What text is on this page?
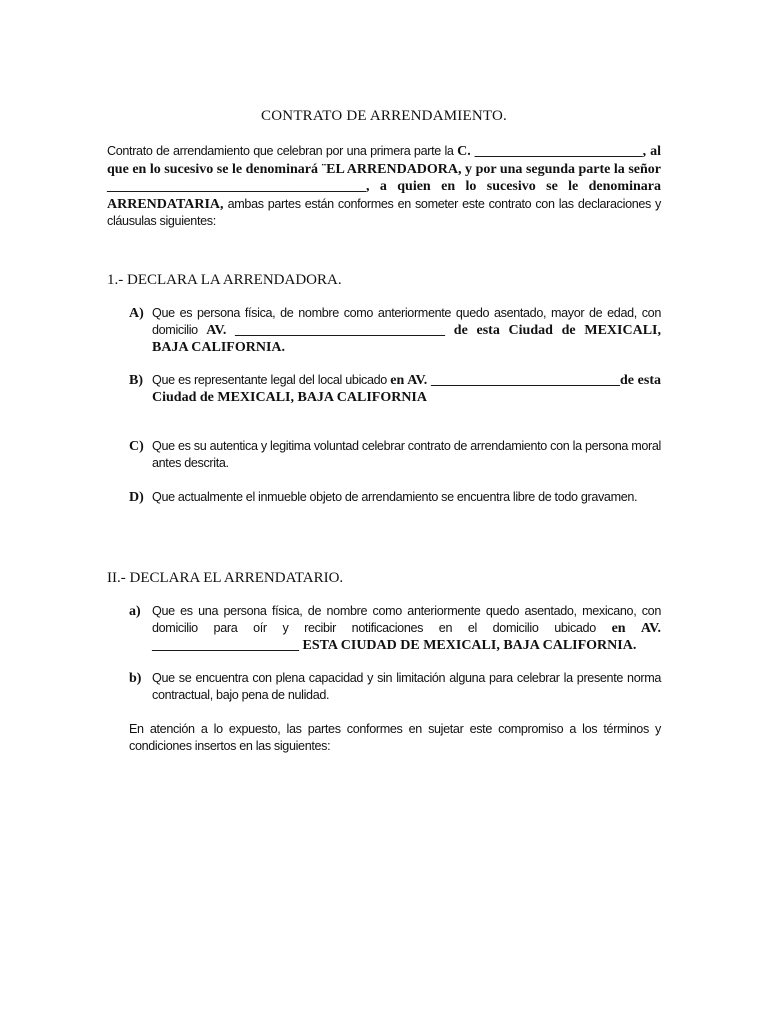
CONTRATO DE ARRENDAMIENTO.
Contrato de arrendamiento que celebran por una primera parte la C. ________________________, al que en lo sucesivo se le denominará ¨EL ARRENDADORA, y por una segunda parte la señor _____________________________________, a quien en lo sucesivo se le denominara ARRENDATARIA, ambas partes están conformes en someter este contrato con las declaraciones y cláusulas siguientes:
1.- DECLARA LA ARRENDADORA.
A) Que es persona física, de nombre como anteriormente quedo asentado, mayor de edad, con domicilio AV. ______________________________ de esta Ciudad de MEXICALI, BAJA CALIFORNIA.
B) Que es representante legal del local ubicado en AV. ___________________________de esta Ciudad de MEXICALI, BAJA CALIFORNIA
C) Que es su autentica y legitima voluntad celebrar contrato de arrendamiento con la persona moral antes descrita.
D) Que actualmente el inmueble objeto de arrendamiento se encuentra libre de todo gravamen.
II.- DECLARA EL ARRENDATARIO.
a) Que es una persona física, de nombre como anteriormente quedo asentado, mexicano, con domicilio para oír y recibir notificaciones en el domicilio ubicado en AV. _____________________ ESTA CIUDAD DE MEXICALI, BAJA CALIFORNIA.
b) Que se encuentra con plena capacidad y sin limitación alguna para celebrar la presente norma contractual, bajo pena de nulidad.
En atención a lo expuesto, las partes conformes en sujetar este compromiso a los términos y condiciones insertos en las siguientes:
